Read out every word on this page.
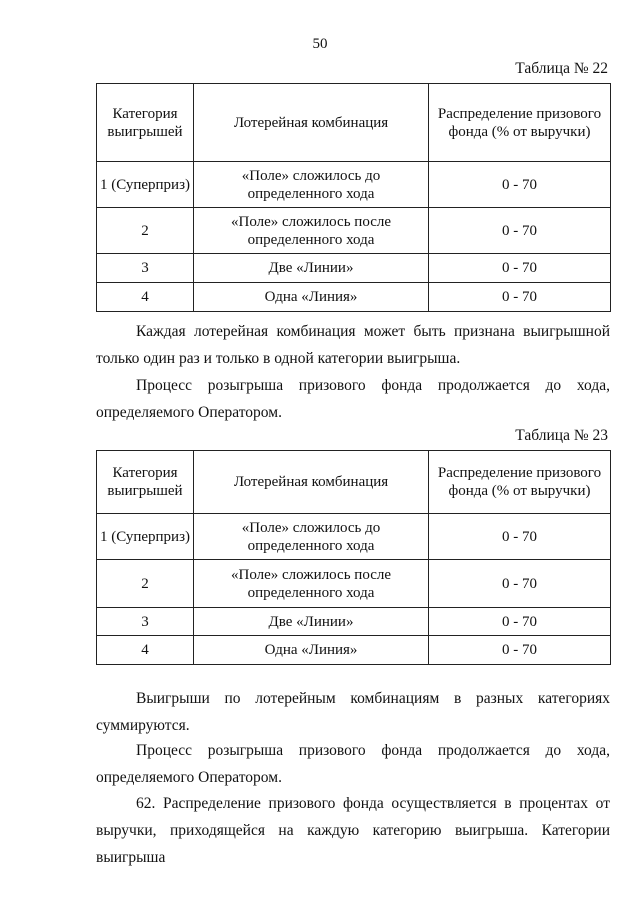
50
Таблица № 22
Категория выигрышей	Лотерейная комбинация	Распределение призового фонда (% от выручки)
1 (Суперприз)	«Поле» сложилось до определенного хода	0 - 70
2	«Поле» сложилось после определенного хода	0 - 70
3	Две «Линии»	0 - 70
4	Одна «Линия»	0 - 70

Каждая лотерейная комбинация может быть признана выигрышной только один раз и только в одной категории выигрыша.

Процесс розыгрыша призового фонда продолжается до хода, определяемого Оператором.

Таблица № 23
Категория выигрышей	Лотерейная комбинация	Распределение призового фонда (% от выручки)
1 (Суперприз)	«Поле» сложилось до определенного хода	0 - 70
2	«Поле» сложилось после определенного хода	0 - 70
3	Две «Линии»	0 - 70
4	Одна «Линия»	0 - 70

Выигрыши по лотерейным комбинациям в разных категориях суммируются.

Процесс розыгрыша призового фонда продолжается до хода, определяемого Оператором.

62. Распределение призового фонда осуществляется в процентах от выручки, приходящейся на каждую категорию выигрыша. Категории выигрыша
